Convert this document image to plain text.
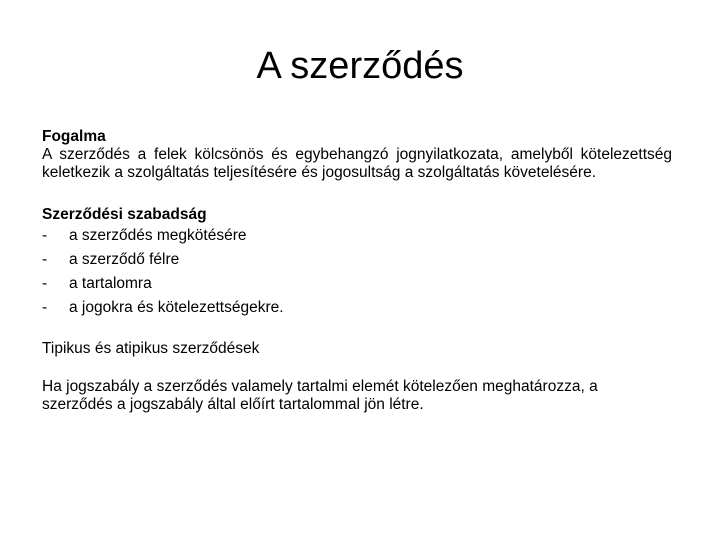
A szerződés
Fogalma
A szerződés a felek kölcsönös és egybehangzó jognyilatkozata, amelyből kötelezettség keletkezik a szolgáltatás teljesítésére és jogosultság a szolgáltatás követelésére.
Szerződési szabadság
-	a szerződés megkötésére
-	a szerződő félre
-	a tartalomra
-	a jogokra és kötelezettségekre.
Tipikus és atipikus szerződések
Ha jogszabály a szerződés valamely tartalmi elemét kötelezően meghatározza, a szerződés a jogszabály által előírt tartalommal jön létre.
